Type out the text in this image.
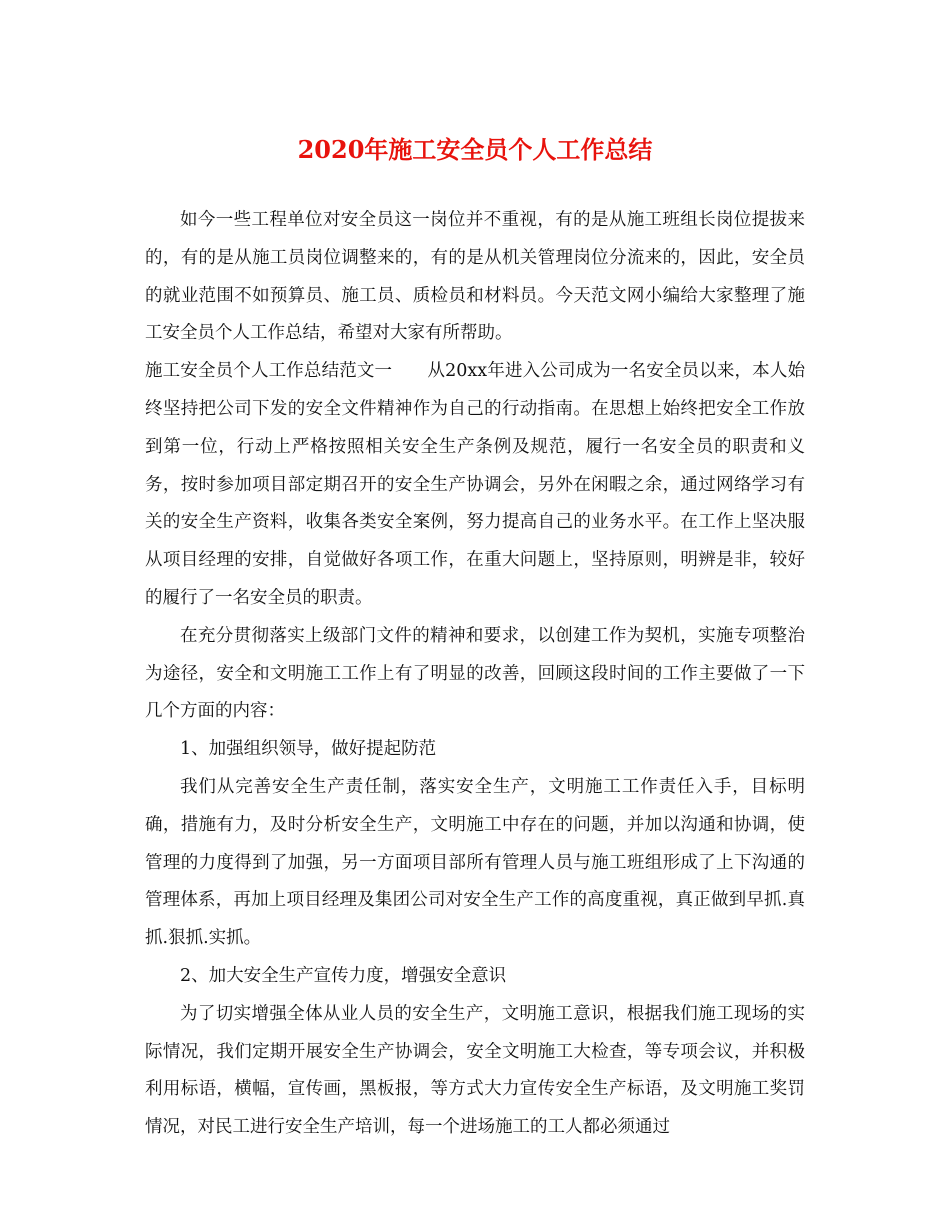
2020年施工安全员个人工作总结

如今一些工程单位对安全员这一岗位并不重视，有的是从施工班组长岗位提拔来的，有的是从施工员岗位调整来的，有的是从机关管理岗位分流来的，因此，安全员的就业范围不如预算员、施工员、质检员和材料员。今天范文网小编给大家整理了施工安全员个人工作总结，希望对大家有所帮助。

施工安全员个人工作总结范文一　　从20xx年进入公司成为一名安全员以来，本人始终坚持把公司下发的安全文件精神作为自己的行动指南。在思想上始终把安全工作放到第一位，行动上严格按照相关安全生产条例及规范，履行一名安全员的职责和义务，按时参加项目部定期召开的安全生产协调会，另外在闲暇之余，通过网络学习有关的安全生产资料，收集各类安全案例，努力提高自己的业务水平。在工作上坚决服从项目经理的安排，自觉做好各项工作，在重大问题上，坚持原则，明辨是非，较好的履行了一名安全员的职责。

在充分贯彻落实上级部门文件的精神和要求，以创建工作为契机，实施专项整治为途径，安全和文明施工工作上有了明显的改善，回顾这段时间的工作主要做了一下几个方面的内容：

1、加强组织领导，做好提起防范

我们从完善安全生产责任制，落实安全生产，文明施工工作责任入手，目标明确，措施有力，及时分析安全生产，文明施工中存在的问题，并加以沟通和协调，使管理的力度得到了加强，另一方面项目部所有管理人员与施工班组形成了上下沟通的管理体系，再加上项目经理及集团公司对安全生产工作的高度重视，真正做到早抓.真抓.狠抓.实抓。

2、加大安全生产宣传力度，增强安全意识

为了切实增强全体从业人员的安全生产，文明施工意识，根据我们施工现场的实际情况，我们定期开展安全生产协调会，安全文明施工大检查，等专项会议，并积极利用标语，横幅，宣传画，黑板报，等方式大力宣传安全生产标语，及文明施工奖罚情况，对民工进行安全生产培训，每一个进场施工的工人都必须通过
